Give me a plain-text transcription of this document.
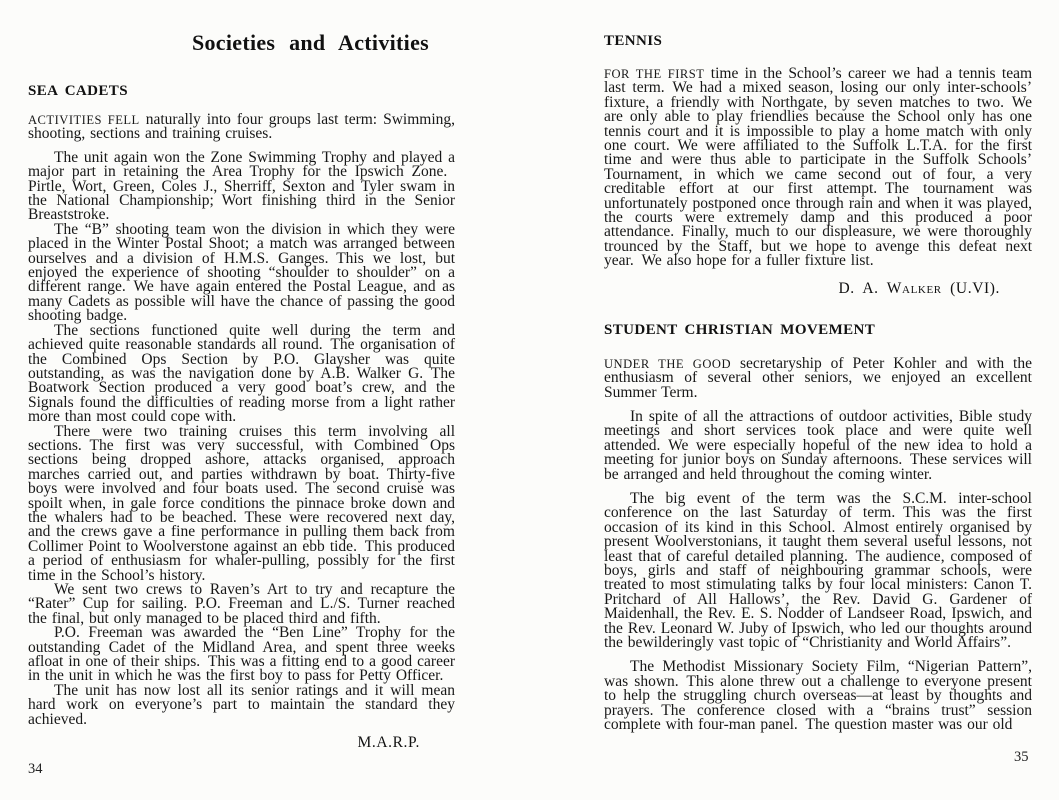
Societies and Activities
SEA CADETS

ACTIVITIES FELL naturally into four groups last term: Swimming, shooting, sections and training cruises.

The unit again won the Zone Swimming Trophy and played a major part in retaining the Area Trophy for the Ipswich Zone. Pirtle, Wort, Green, Coles J., Sherriff, Sexton and Tyler swam in the National Championship; Wort finishing third in the Senior Breaststroke.

The “B” shooting team won the division in which they were placed in the Winter Postal Shoot; a match was arranged between ourselves and a division of H.M.S. Ganges. This we lost, but enjoyed the experience of shooting “shoulder to shoulder” on a different range. We have again entered the Postal League, and as many Cadets as possible will have the chance of passing the good shooting badge.

The sections functioned quite well during the term and achieved quite reasonable standards all round. The organisation of the Combined Ops Section by P.O. Glaysher was quite outstanding, as was the navigation done by A.B. Walker G. The Boatwork Section produced a very good boat’s crew, and the Signals found the difficulties of reading morse from a light rather more than most could cope with.

There were two training cruises this term involving all sections. The first was very successful, with Combined Ops sections being dropped ashore, attacks organised, approach marches carried out, and parties withdrawn by boat. Thirty-five boys were involved and four boats used. The second cruise was spoilt when, in gale force conditions the pinnace broke down and the whalers had to be beached. These were recovered next day, and the crews gave a fine performance in pulling them back from Collimer Point to Woolverstone against an ebb tide. This produced a period of enthusiasm for whaler-pulling, possibly for the first time in the School’s history.

We sent two crews to Raven’s Art to try and recapture the “Rater” Cup for sailing. P.O. Freeman and L./S. Turner reached the final, but only managed to be placed third and fifth.

P.O. Freeman was awarded the “Ben Line” Trophy for the outstanding Cadet of the Midland Area, and spent three weeks afloat in one of their ships. This was a fitting end to a good career in the unit in which he was the first boy to pass for Petty Officer.

The unit has now lost all its senior ratings and it will mean hard work on everyone’s part to maintain the standard they achieved.

M.A.R.P.
TENNIS

FOR THE FIRST time in the School’s career we had a tennis team last term. We had a mixed season, losing our only inter-schools’ fixture, a friendly with Northgate, by seven matches to two. We are only able to play friendlies because the School only has one tennis court and it is impossible to play a home match with only one court. We were affiliated to the Suffolk L.T.A. for the first time and were thus able to participate in the Suffolk Schools’ Tournament, in which we came second out of four, a very creditable effort at our first attempt. The tournament was unfortunately postponed once through rain and when it was played, the courts were extremely damp and this produced a poor attendance. Finally, much to our displeasure, we were thoroughly trounced by the Staff, but we hope to avenge this defeat next year. We also hope for a fuller fixture list.

D. A. Walker (U.VI).
STUDENT CHRISTIAN MOVEMENT

UNDER THE GOOD secretaryship of Peter Kohler and with the enthusiasm of several other seniors, we enjoyed an excellent Summer Term.

In spite of all the attractions of outdoor activities, Bible study meetings and short services took place and were quite well attended. We were especially hopeful of the new idea to hold a meeting for junior boys on Sunday afternoons. These services will be arranged and held throughout the coming winter.

The big event of the term was the S.C.M. inter-school conference on the last Saturday of term. This was the first occasion of its kind in this School. Almost entirely organised by present Woolverstonians, it taught them several useful lessons, not least that of careful detailed planning. The audience, composed of boys, girls and staff of neighbouring grammar schools, were treated to most stimulating talks by four local ministers: Canon T. Pritchard of All Hallows’, the Rev. David G. Gardener of Maidenhall, the Rev. E. S. Nodder of Landseer Road, Ipswich, and the Rev. Leonard W. Juby of Ipswich, who led our thoughts around the bewilderingly vast topic of “Christianity and World Affairs”.

The Methodist Missionary Society Film, “Nigerian Pattern”, was shown. This alone threw out a challenge to everyone present to help the struggling church overseas—at least by thoughts and prayers. The conference closed with a “brains trust” session complete with four-man panel. The question master was our old

34
35
